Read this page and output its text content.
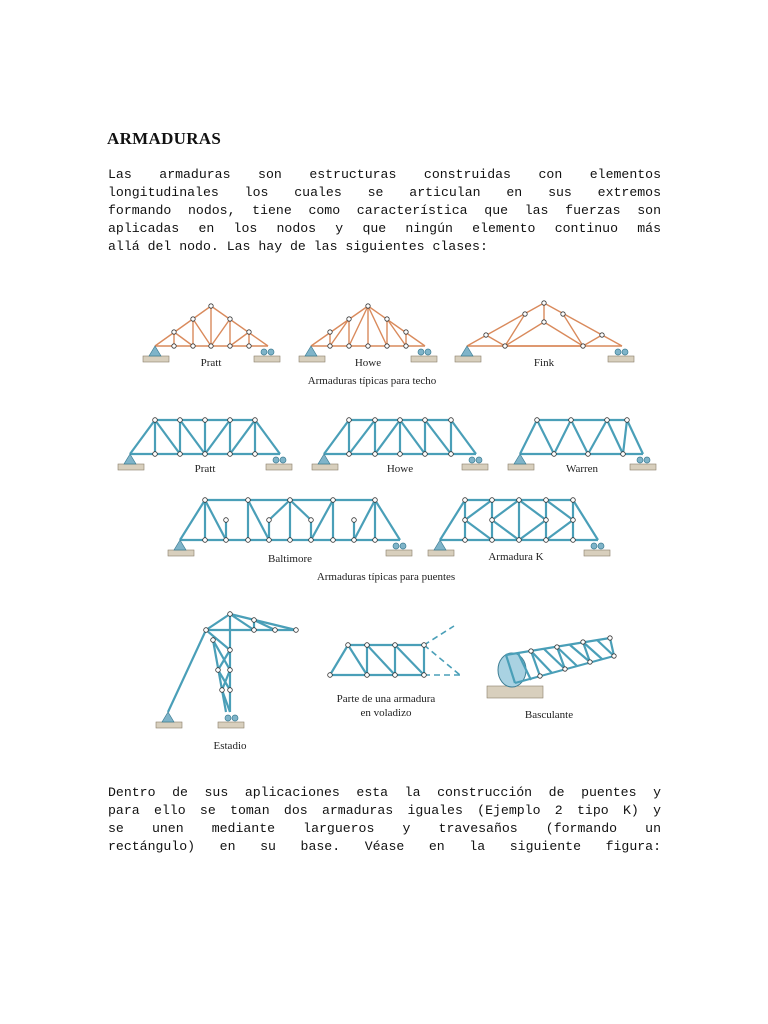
ARMADURAS
Las armaduras son estructuras construidas con elementos
longitudinales los cuales se articulan en sus extremos
formando nodos, tiene como característica que las fuerzas son
aplicadas en los nodos y que ningún elemento continuo más
allá del nodo. Las hay de las siguientes clases:
Pratt	Howe	Fink
Armaduras típicas para techo
Pratt	Howe	Warren
Baltimore	Armadura K
Armaduras típicas para puentes
Estadio
Parte de una armadura
en voladizo	Basculante
Dentro de sus aplicaciones esta la construcción de puentes y
para ello se toman dos armaduras iguales (Ejemplo 2 tipo K) y
se unen mediante largueros y travesaños (formando un
rectángulo) en su base. Véase en la siguiente figura:
